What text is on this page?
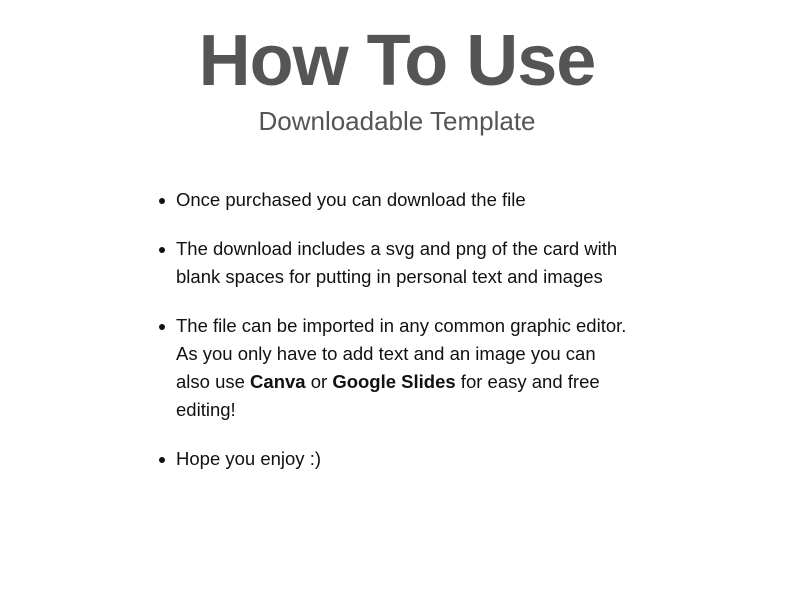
How To Use
Downloadable Template
Once purchased you can download the file
The download includes a svg and png of the card with
blank spaces for putting in personal text and images
The file can be imported in any common graphic editor.
As you only have to add text and an image you can
also use Canva or Google Slides for easy and free
editing!
Hope you enjoy :)
